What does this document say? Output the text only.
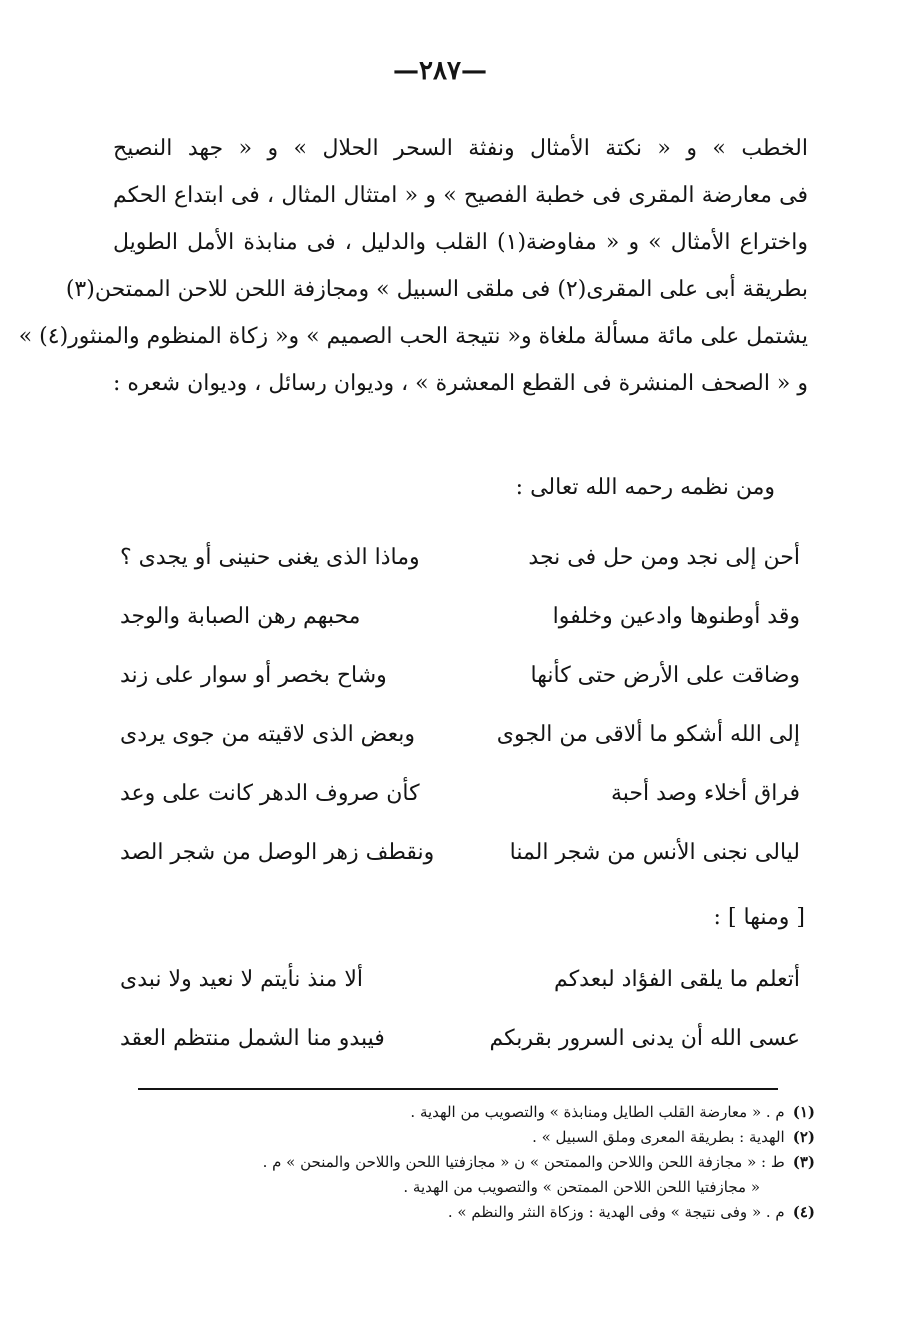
—٢٨٧—
الخطب » و « نكتة الأمثال ونفثة السحر الحلال » و « جهد النصيح
فى معارضة المقرى فى خطبة الفصيح » و « امتثال المثال ، فى ابتداع الحكم
واختراع الأمثال » و « مفاوضة(١) القلب والدليل ، فى منابذة الأمل الطويل
بطريقة أبى على المقرى(٢) فى ملقى السبيل » ومجازفة اللحن للاحن الممتحن(٣)
يشتمل على مائة مسألة ملغاة و« نتيجة الحب الصميم » و« زكاة المنظوم والمنثور(٤) »
و « الصحف المنشرة فى القطع المعشرة » ، وديوان رسائل ، وديوان شعره :
ومن نظمه رحمه الله تعالى :
أحن إلى نجد ومن حل فى نجد
وماذا الذى يغنى حنينى أو يجدى ؟
وقد أوطنوها وادعين وخلفوا
محبهم رهن الصبابة والوجد
وضاقت على الأرض حتى كأنها
وشاح بخصر أو سوار على زند
إلى الله أشكو ما ألاقى من الجوى
وبعض الذى لاقيته من جوى يردى
فراق أخلاء وصد أحبة
كأن صروف الدهر كانت على وعد
ليالى نجنى الأنس من شجر المنا
ونقطف زهر الوصل من شجر الصد
[ ومنها ] :
أتعلم ما يلقى الفؤاد لبعدكم
ألا منذ نأيتم لا نعيد ولا نبدى
عسى الله أن يدنى السرور بقربكم
فيبدو منا الشمل منتظم العقد
(١)م . « معارضة القلب الطايل ومنابذة » والتصويب من الهدية .
(٢)الهدية : بطريقة المعرى وملق السبيل » .
(٣)ط : « مجازفة اللحن واللاحن والممتحن » ن « مجازفتيا اللحن واللاحن والمنحن » م .
« مجازفتيا اللحن اللاحن الممتحن » والتصويب من الهدية .
(٤)م . « وفى نتيجة » وفى الهدية : وزكاة النثر والنظم » .
